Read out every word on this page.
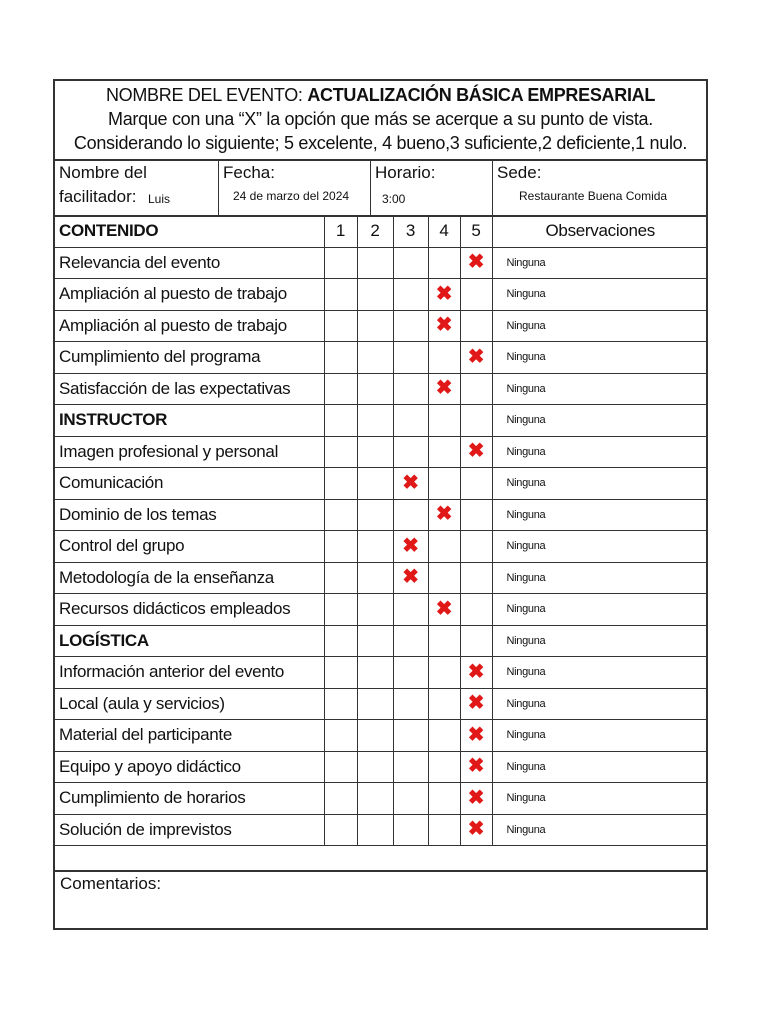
NOMBRE DEL EVENTO: ACTUALIZACIÓN BÁSICA EMPRESARIAL
Marque con una “X” la opción que más se acerque a su punto de vista.
Considerando lo siguiente; 5 excelente, 4 bueno,3 suficiente,2 deficiente,1 nulo.
Nombre del
facilitador: Luis
Fecha:
24 de marzo del 2024
Horario:
3:00
Sede:
Restaurante Buena Comida
CONTENIDO	1	2	3	4	5	Observaciones
Relevancia del evento					✖	Ninguna
Ampliación al puesto de trabajo				✖		Ninguna
Ampliación al puesto de trabajo				✖		Ninguna
Cumplimiento del programa					✖	Ninguna
Satisfacción de las expectativas				✖		Ninguna
INSTRUCTOR						Ninguna
Imagen profesional y personal					✖	Ninguna
Comunicación			✖			Ninguna
Dominio de los temas				✖		Ninguna
Control del grupo			✖			Ninguna
Metodología de la enseñanza			✖			Ninguna
Recursos didácticos empleados				✖		Ninguna
LOGÍSTICA						Ninguna
Información anterior del evento					✖	Ninguna
Local (aula y servicios)					✖	Ninguna
Material del participante					✖	Ninguna
Equipo y apoyo didáctico					✖	Ninguna
Cumplimiento de horarios					✖	Ninguna
Solución de imprevistos					✖	Ninguna
Comentarios:
